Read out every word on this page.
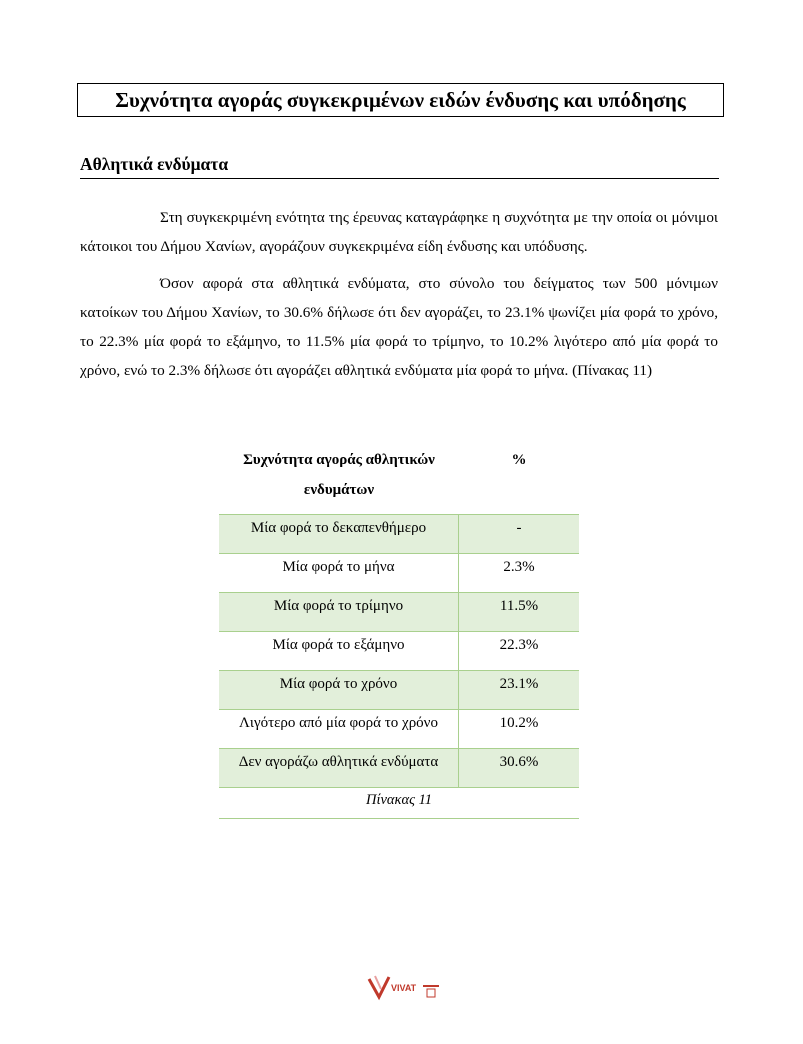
Συχνότητα αγοράς συγκεκριμένων ειδών ένδυσης και υπόδησης
Αθλητικά ενδύματα

Στη συγκεκριμένη ενότητα της έρευνας καταγράφηκε η συχνότητα με την οποία οι μόνιμοι κάτοικοι του Δήμου Χανίων, αγοράζουν συγκεκριμένα είδη ένδυσης και υπόδυσης.

Όσον αφορά στα αθλητικά ενδύματα, στο σύνολο του δείγματος των 500 μόνιμων κατοίκων του Δήμου Χανίων, το 30.6% δήλωσε ότι δεν αγοράζει, το 23.1% ψωνίζει μία φορά το χρόνο, το 22.3% μία φορά το εξάμηνο, το 11.5% μία φορά το τρίμηνο, το 10.2% λιγότερο από μία φορά το χρόνο, ενώ το 2.3% δήλωσε ότι αγοράζει αθλητικά ενδύματα μία φορά το μήνα. (Πίνακας 11)

Συχνότητα αγοράς αθλητικών ενδυμάτων
%
Μία φορά το δεκαπενθήμερο	-
Μία φορά το μήνα	2.3%
Μία φορά το τρίμηνο	11.5%
Μία φορά το εξάμηνο	22.3%
Μία φορά το χρόνο	23.1%
Λιγότερο από μία φορά το χρόνο	10.2%
Δεν αγοράζω αθλητικά ενδύματα	30.6%
Πίνακας 11
VIVAT
